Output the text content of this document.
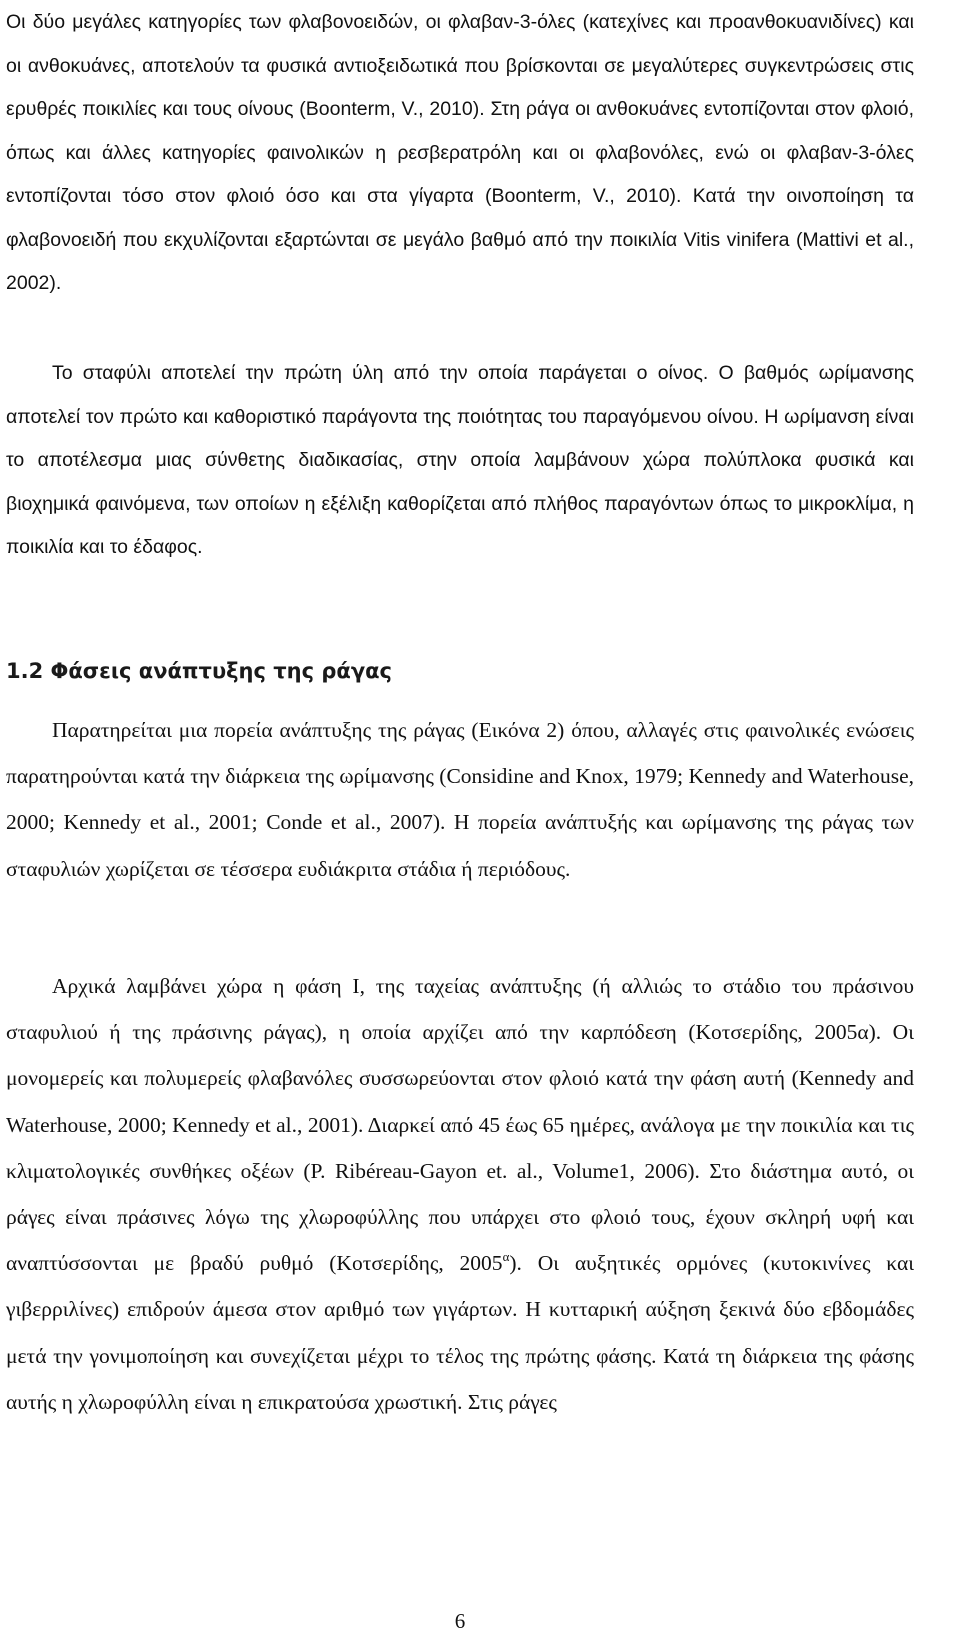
Οι δύο μεγάλες κατηγορίες των φλαβονοειδών, οι φλαβαν-3-όλες (κατεχίνες και προανθοκυανιδίνες) και οι ανθοκυάνες, αποτελούν τα φυσικά αντιοξειδωτικά που βρίσκονται σε μεγαλύτερες συγκεντρώσεις στις ερυθρές ποικιλίες και τους οίνους (Boonterm, V., 2010). Στη ράγα οι ανθοκυάνες εντοπίζονται στον φλοιό, όπως και άλλες κατηγορίες φαινολικών η ρεσβερατρόλη και οι φλαβονόλες, ενώ οι φλαβαν-3-όλες εντοπίζονται τόσο στον φλοιό όσο και στα γίγαρτα (Boonterm, V., 2010). Κατά την οινοποίηση τα φλαβονοειδή που εκχυλίζονται εξαρτώνται σε μεγάλο βαθμό από την ποικιλία Vitis vinifera (Mattivi et al., 2002).

Το σταφύλι αποτελεί την πρώτη ύλη από την οποία παράγεται ο οίνος. Ο βαθμός ωρίμανσης αποτελεί τον πρώτο και καθοριστικό παράγοντα της ποιότητας του παραγόμενου οίνου. Η ωρίμανση είναι το αποτέλεσμα μιας σύνθετης διαδικασίας, στην οποία λαμβάνουν χώρα πολύπλοκα φυσικά και βιοχημικά φαινόμενα, των οποίων η εξέλιξη καθορίζεται από πλήθος παραγόντων όπως το μικροκλίμα, η ποικιλία και το έδαφος.

1.2 Φάσεις ανάπτυξης της ράγας

Παρατηρείται μια πορεία ανάπτυξης της ράγας (Εικόνα 2) όπου, αλλαγές στις φαινολικές ενώσεις παρατηρούνται κατά την διάρκεια της ωρίμανσης (Considine and Knox, 1979; Kennedy and Waterhouse, 2000; Kennedy et al., 2001; Conde et al., 2007). Η πορεία ανάπτυξής και ωρίμανσης της ράγας των σταφυλιών χωρίζεται σε τέσσερα ευδιάκριτα στάδια ή περιόδους.

Αρχικά λαμβάνει χώρα η φάση Ι, της ταχείας ανάπτυξης (ή αλλιώς το στάδιο του πράσινου σταφυλιού ή της πράσινης ράγας), η οποία αρχίζει από την καρπόδεση (Κοτσερίδης, 2005α). Οι μονομερείς και πολυμερείς φλαβανόλες συσσωρεύονται στον φλοιό κατά την φάση αυτή (Kennedy and Waterhouse, 2000; Kennedy et al., 2001). Διαρκεί από 45 έως 65 ημέρες, ανάλογα με την ποικιλία και τις κλιματολογικές συνθήκες οξέων (P. Ribéreau-Gayon et. al., Volume1, 2006). Στο διάστημα αυτό, οι ράγες είναι πράσινες λόγω της χλωροφύλλης που υπάρχει στο φλοιό τους, έχουν σκληρή υφή και αναπτύσσονται με βραδύ ρυθμό (Κοτσερίδης, $2005^\alpha$). Οι αυξητικές ορμόνες (κυτοκινίνες και γιβερριλίνες) επιδρούν άμεσα στον αριθμό των γιγάρτων. Η κυτταρική αύξηση ξεκινά δύο εβδομάδες μετά την γονιμοποίηση και συνεχίζεται μέχρι το τέλος της πρώτης φάσης. Κατά τη διάρκεια της φάσης αυτής η χλωροφύλλη είναι η επικρατούσα χρωστική. Στις ράγες

6
